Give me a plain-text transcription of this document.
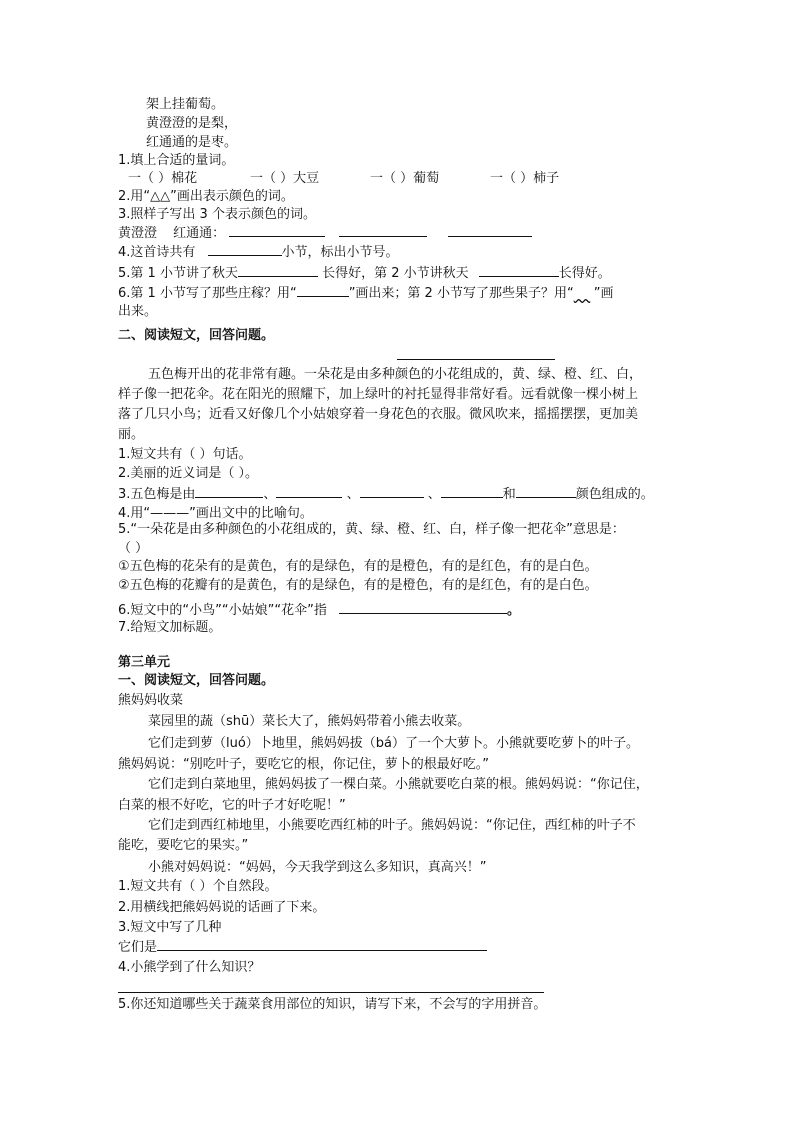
架上挂葡萄。
黄澄澄的是梨，
红通通的是枣。
1.填上合适的量词。
一（ ）棉花	一（ ）大豆	一（ ）葡萄	一（ ）柿子
2.用“△△”画出表示颜色的词。
3.照样子写出 3 个表示颜色的词。
黄澄澄 红通通：
4.这首诗共有	小节，标出小节号。
5.第 1 小节讲了秋天	长得好，第 2 小节讲秋天	长得好。
6.第 1 小节写了那些庄稼？用“	”画出来；第 2 小节写了那些果子？用“ ”画
出来。
二、阅读短文，回答问题。
五色梅开出的花非常有趣。一朵花是由多种颜色的小花组成的，黄、绿、橙、红、白，
样子像一把花伞。花在阳光的照耀下，加上绿叶的衬托显得非常好看。远看就像一棵小树上
落了几只小鸟；近看又好像几个小姑娘穿着一身花色的衣服。微风吹来，摇摇摆摆，更加美
丽。
1.短文共有（ ）句话。
2.美丽的近义词是（ ）。
3.五色梅是由	、	、	、	和	颜色组成的。
4.用“———”画出文中的比喻句。
5.“一朵花是由多种颜色的小花组成的，黄、绿、橙、红、白，样子像一把花伞”意思是：
（ ）
①五色梅的花朵有的是黄色，有的是绿色，有的是橙色，有的是红色，有的是白色。
②五色梅的花瓣有的是黄色，有的是绿色，有的是橙色，有的是红色，有的是白色。
6.短文中的“小鸟”“小姑娘”“花伞”指	。
7.给短文加标题。
第三单元
一、阅读短文，回答问题。
熊妈妈收菜
菜园里的蔬（shū）菜长大了，熊妈妈带着小熊去收菜。
它们走到萝（luó）卜地里，熊妈妈拔（bá）了一个大萝卜。小熊就要吃萝卜的叶子。
熊妈妈说：“别吃叶子，要吃它的根，你记住，萝卜的根最好吃。”
它们走到白菜地里，熊妈妈拔了一棵白菜。小熊就要吃白菜的根。熊妈妈说：“你记住，
白菜的根不好吃，它的叶子才好吃呢！”
它们走到西红柿地里，小熊要吃西红柿的叶子。熊妈妈说：“你记住，西红柿的叶子不
能吃，要吃它的果实。”
小熊对妈妈说：“妈妈，今天我学到这么多知识，真高兴！”
1.短文共有（ ）个自然段。
2.用横线把熊妈妈说的话画了下来。
3.短文中写了几种
它们是
4.小熊学到了什么知识？
5.你还知道哪些关于蔬菜食用部位的知识，请写下来，不会写的字用拼音。
